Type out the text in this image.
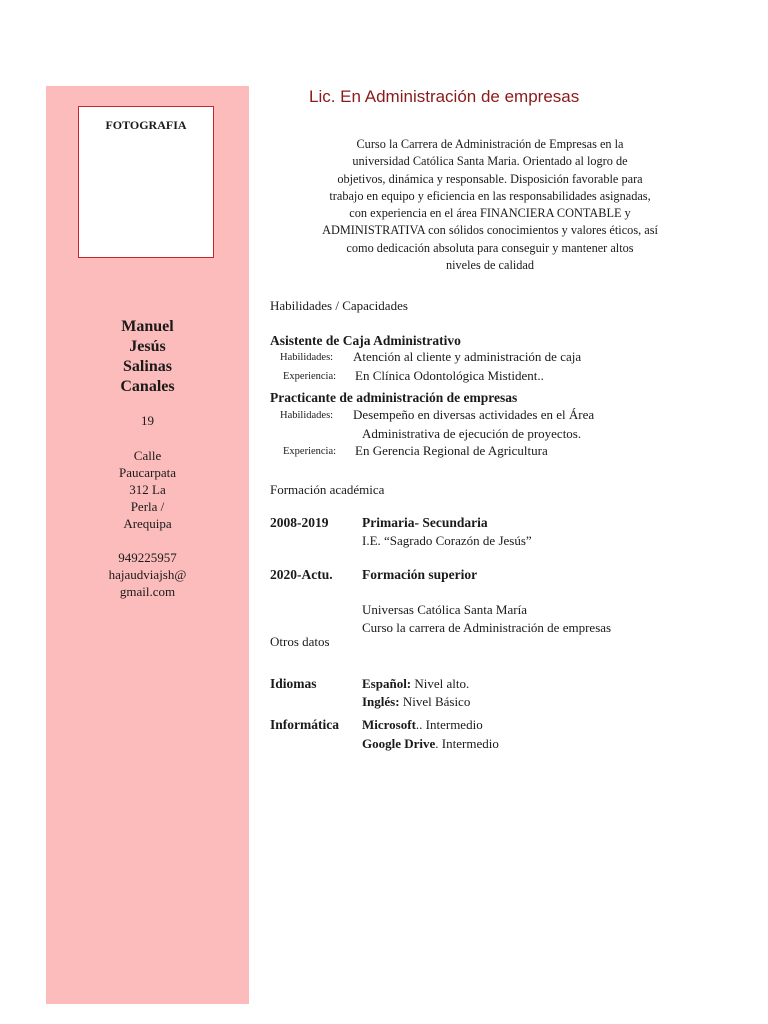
FOTOGRAFIA
Manuel
Jesús
Salinas
Canales
19
Calle
Paucarpata
312 La
Perla /
Arequipa
949225957
hajaudviajsh@
gmail.com
Lic. En Administración de empresas
Curso la Carrera de Administración de Empresas en la
universidad Católica Santa Maria. Orientado al logro de
objetivos, dinámica y responsable. Disposición favorable para
trabajo en equipo y eficiencia en las responsabilidades asignadas,
con experiencia en el área FINANCIERA CONTABLE y
ADMINISTRATIVA con sólidos conocimientos y valores éticos, así
como dedicación absoluta para conseguir y mantener altos
niveles de calidad
Habilidades / Capacidades
Asistente de Caja Administrativo
Habilidades: Atención al cliente y administración de caja
Experiencia: En Clínica Odontológica Mistident..
Practicante de administración de empresas
Habilidades: Desempeño en diversas actividades en el Área
Administrativa de ejecución de proyectos.
Experiencia: En Gerencia Regional de Agricultura
Formación académica
2008-2019 Primaria- Secundaria
I.E. “Sagrado Corazón de Jesús”
2020-Actu. Formación superior
Universas Católica Santa María
Curso la carrera de Administración de empresas
Otros datos
Idiomas	Español: Nivel alto.
Inglés: Nivel Básico
Informática Microsoft.. Intermedio
Google Drive. Intermedio
